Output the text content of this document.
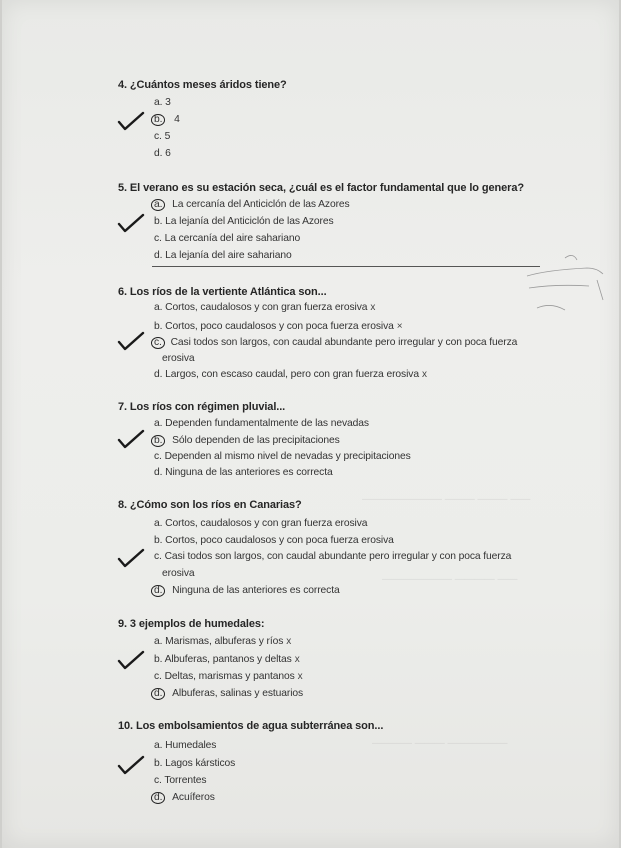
———————— ——— ——— ——
——————— ———— ——
———— ——— ——————
4. ¿Cuántos meses áridos tiene?
a. 3
b. 4
c. 5
d. 6
5. El verano es su estación seca, ¿cuál es el factor fundamental que lo genera?
a. La cercanía del Anticiclón de las Azores
b. La lejanía del Anticiclón de las Azores
c. La cercanía del aire sahariano
d. La lejanía del aire sahariano
6. Los ríos de la vertiente Atlántica son...
a. Cortos, caudalosos y con gran fuerza erosiva x
b. Cortos, poco caudalosos y con poca fuerza erosiva ×
c. Casi todos son largos, con caudal abundante pero irregular y con poca fuerza
erosiva
d. Largos, con escaso caudal, pero con gran fuerza erosiva x
7. Los ríos con régimen pluvial...
a. Dependen fundamentalmente de las nevadas
b. Sólo dependen de las precipitaciones
c. Dependen al mismo nivel de nevadas y precipitaciones
d. Ninguna de las anteriores es correcta
8. ¿Cómo son los ríos en Canarias?
a. Cortos, caudalosos y con gran fuerza erosiva
b. Cortos, poco caudalosos y con poca fuerza erosiva
c. Casi todos son largos, con caudal abundante pero irregular y con poca fuerza
erosiva
d. Ninguna de las anteriores es correcta
9. 3 ejemplos de humedales:
a. Marismas, albuferas y ríos x
b. Albuferas, pantanos y deltas x
c. Deltas, marismas y pantanos x
d. Albuferas, salinas y estuarios
10. Los embolsamientos de agua subterránea son...
a. Humedales
b. Lagos kársticos
c. Torrentes
d. Acuíferos
